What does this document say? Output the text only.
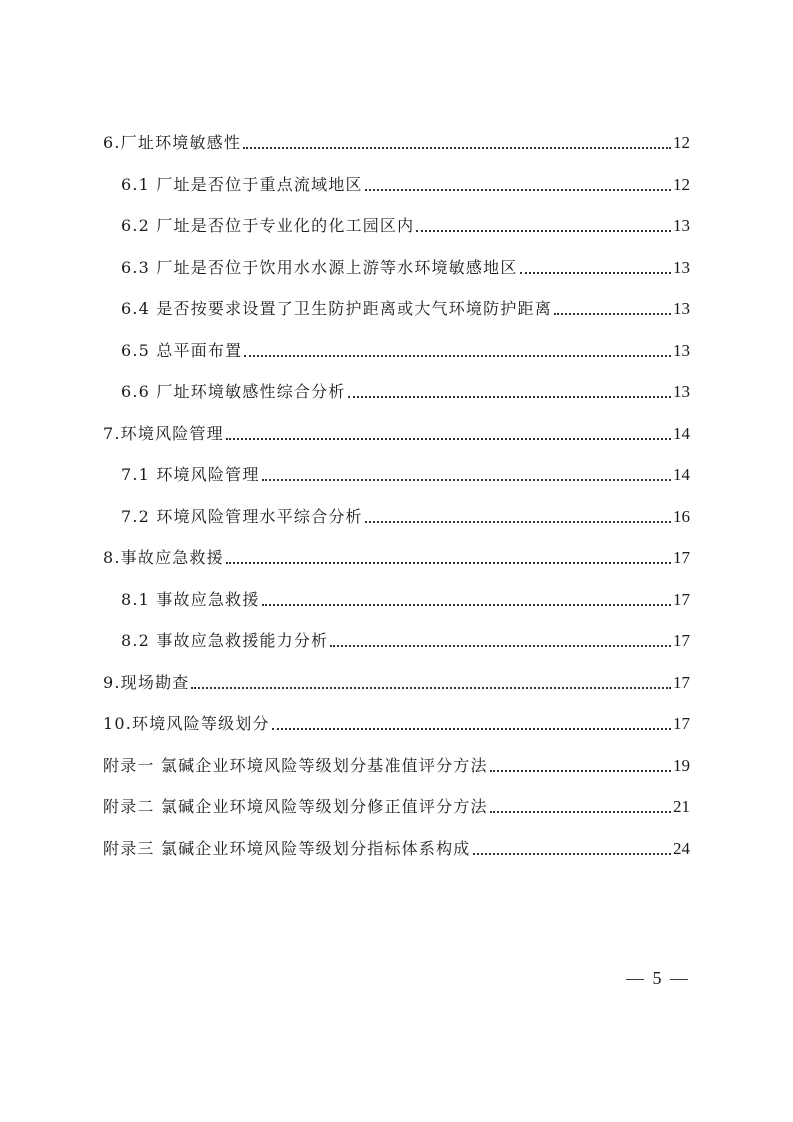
6.厂址环境敏感性	12
6.1 厂址是否位于重点流域地区	12
6.2 厂址是否位于专业化的化工园区内	13
6.3 厂址是否位于饮用水水源上游等水环境敏感地区	13
6.4 是否按要求设置了卫生防护距离或大气环境防护距离	13
6.5 总平面布置	13
6.6 厂址环境敏感性综合分析	13
7.环境风险管理	14
7.1 环境风险管理	14
7.2 环境风险管理水平综合分析	16
8.事故应急救援	17
8.1 事故应急救援	17
8.2 事故应急救援能力分析	17
9.现场勘查	17
10.环境风险等级划分	17
附录一 氯碱企业环境风险等级划分基准值评分方法	19
附录二 氯碱企业环境风险等级划分修正值评分方法	21
附录三 氯碱企业环境风险等级划分指标体系构成	24
— 5 —
